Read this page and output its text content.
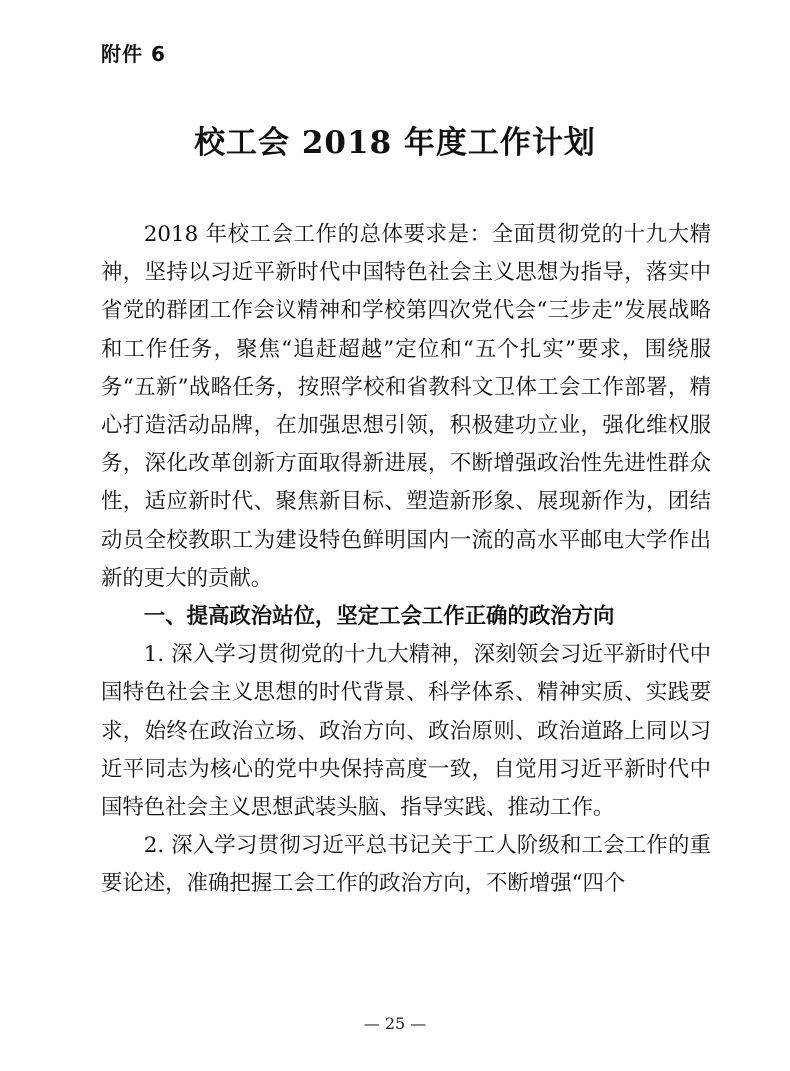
附件 6
校工会 2018 年度工作计划

2018 年校工会工作的总体要求是：全面贯彻党的十九大精神，坚持以习近平新时代中国特色社会主义思想为指导，落实中省党的群团工作会议精神和学校第四次党代会“三步走”发展战略和工作任务，聚焦“追赶超越”定位和“五个扎实”要求，围绕服务“五新”战略任务，按照学校和省教科文卫体工会工作部署，精心打造活动品牌，在加强思想引领，积极建功立业，强化维权服务，深化改革创新方面取得新进展，不断增强政治性先进性群众性，适应新时代、聚焦新目标、塑造新形象、展现新作为，团结动员全校教职工为建设特色鲜明国内一流的高水平邮电大学作出新的更大的贡献。

一、提高政治站位，坚定工会工作正确的政治方向

1. 深入学习贯彻党的十九大精神，深刻领会习近平新时代中国特色社会主义思想的时代背景、科学体系、精神实质、实践要求，始终在政治立场、政治方向、政治原则、政治道路上同以习近平同志为核心的党中央保持高度一致，自觉用习近平新时代中国特色社会主义思想武装头脑、指导实践、推动工作。

2. 深入学习贯彻习近平总书记关于工人阶级和工会工作的重要论述，准确把握工会工作的政治方向，不断增强“四个

— 25 —
